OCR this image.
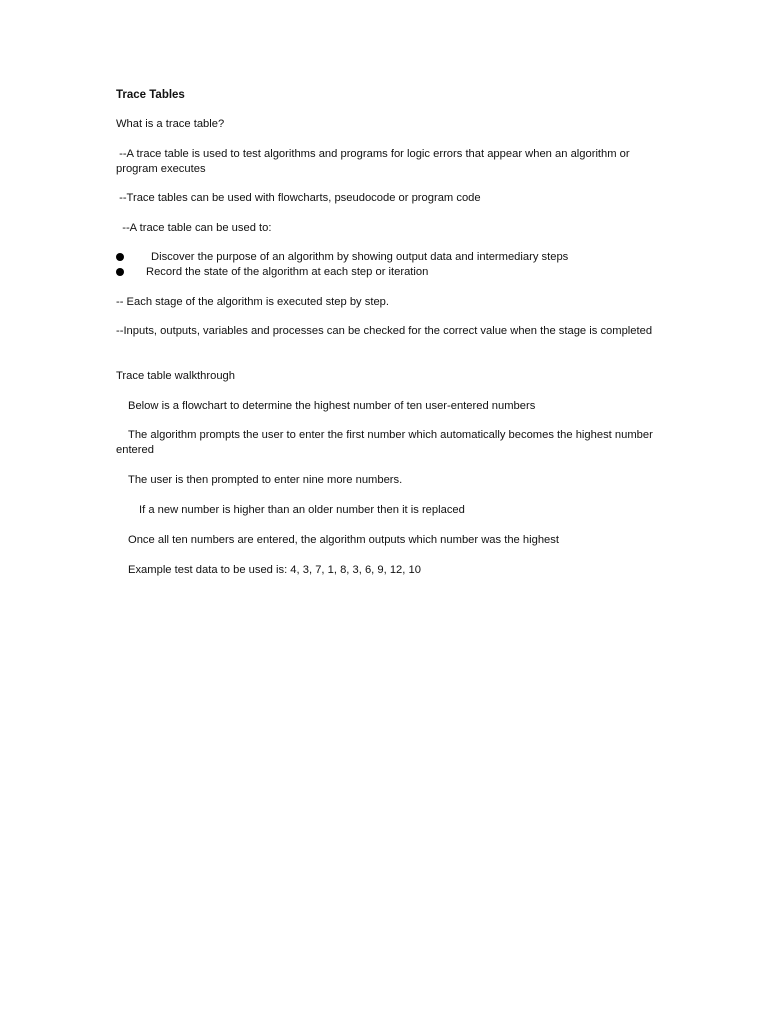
Trace Tables
What is a trace table?
--A trace table is used to test algorithms and programs for logic errors that appear when an algorithm or program executes
--Trace tables can be used with flowcharts, pseudocode or program code
--A trace table can be used to:
Discover the purpose of an algorithm by showing output data and intermediary steps
Record the state of the algorithm at each step or iteration
-- Each stage of the algorithm is executed step by step.
--Inputs, outputs, variables and processes can be checked for the correct value when the stage is completed
Trace table walkthrough
Below is a flowchart to determine the highest number of ten user-entered numbers
The algorithm prompts the user to enter the first number which automatically becomes the highest number entered
The user is then prompted to enter nine more numbers.
If a new number is higher than an older number then it is replaced
Once all ten numbers are entered, the algorithm outputs which number was the highest
Example test data to be used is: 4, 3, 7, 1, 8, 3, 6, 9, 12, 10
